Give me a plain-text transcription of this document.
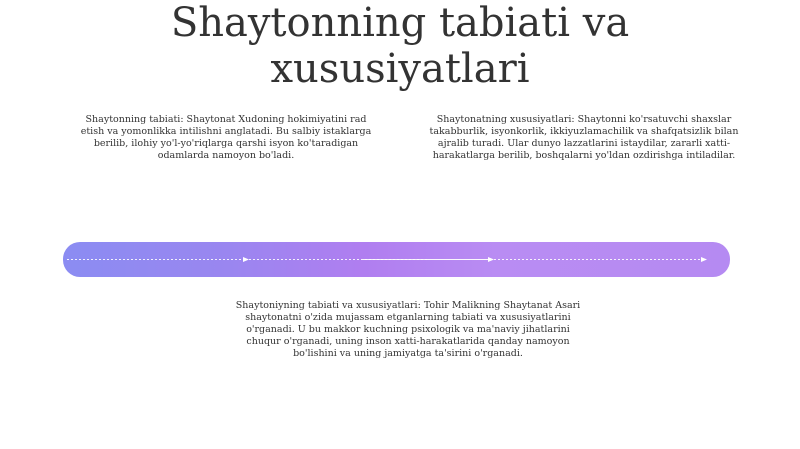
Shaytonning tabiati va xususiyatlari

Shaytonning tabiati: Shaytonat Xudoning hokimiyatini rad etish va yomonlikka intilishni anglatadi. Bu salbiy istaklarga berilib, ilohiy yo'l-yo'riqlarga qarshi isyon ko'taradigan odamlarda namoyon bo'ladi.

Shaytonatning xususiyatlari: Shaytonni ko'rsatuvchi shaxslar takabburlik, isyonkorlik, ikkiyuzlamachilik va shafqatsizlik bilan ajralib turadi. Ular dunyo lazzatlarini istaydilar, zararli xatti-harakatlarga berilib, boshqalarni yo'ldan ozdirishga intiladilar.

Shaytoniyning tabiati va xususiyatlari: Tohir Malikning Shaytanat Asari shaytonatni o'zida mujassam etganlarning tabiati va xususiyatlarini o'rganadi. U bu makkor kuchning psixologik va ma'naviy jihatlarini chuqur o'rganadi, uning inson xatti-harakatlarida qanday namoyon bo'lishini va uning jamiyatga ta'sirini o'rganadi.
